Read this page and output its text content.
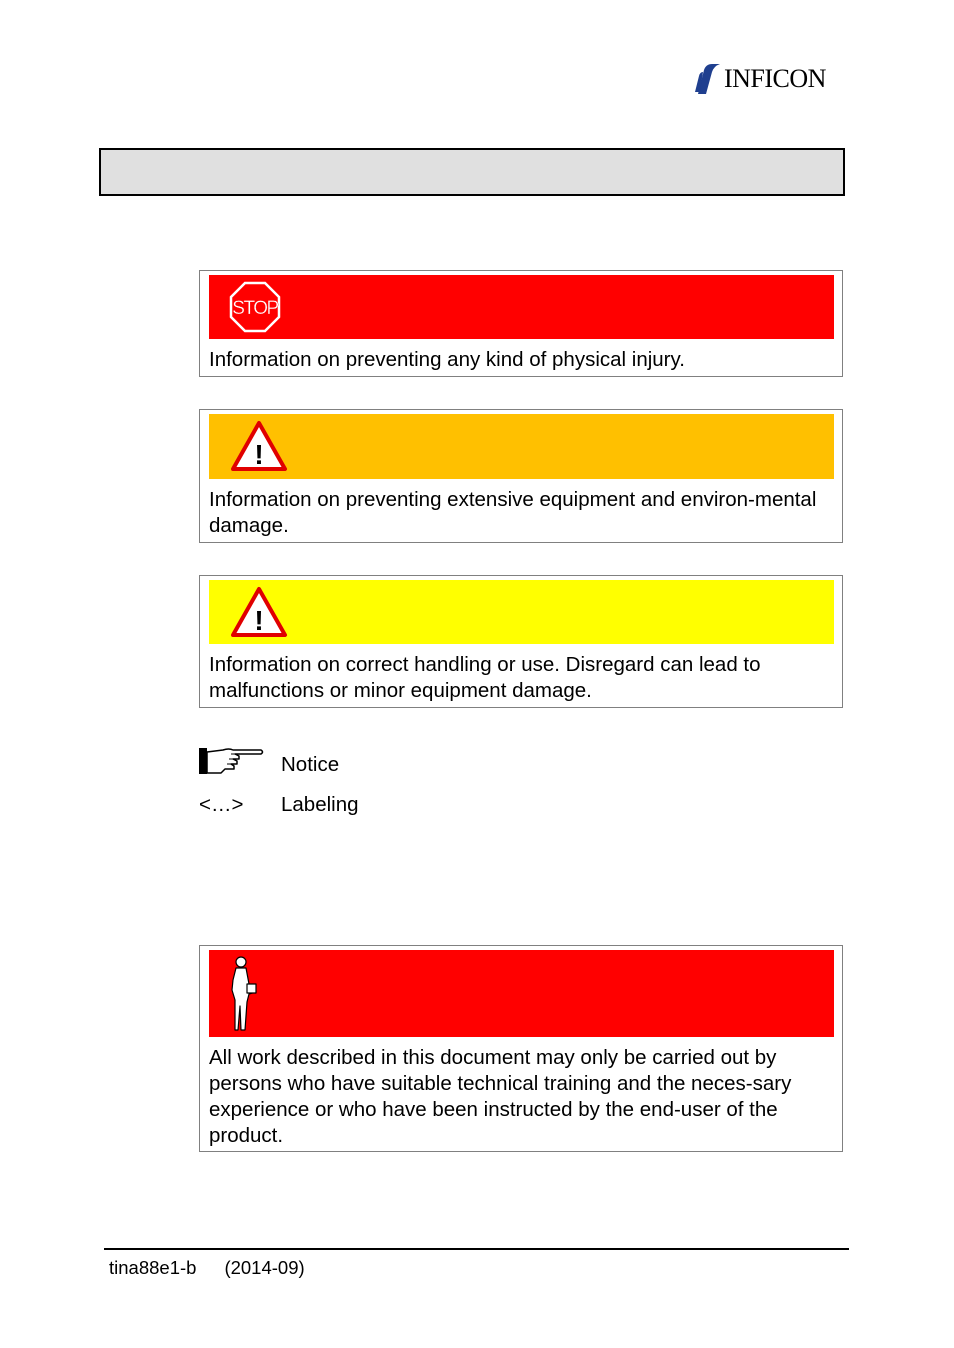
INFICON
STOP
Information on preventing any kind of physical injury.
!
Information on preventing extensive equipment and environ-mental damage.
!
Information on correct handling or use. Disregard can lead to malfunctions or minor equipment damage.
Notice
<…> Labeling
All work described in this document may only be carried out by persons who have suitable technical training and the neces-sary experience or who have been instructed by the end-user of the product.
tina88e1-b (2014-09)
